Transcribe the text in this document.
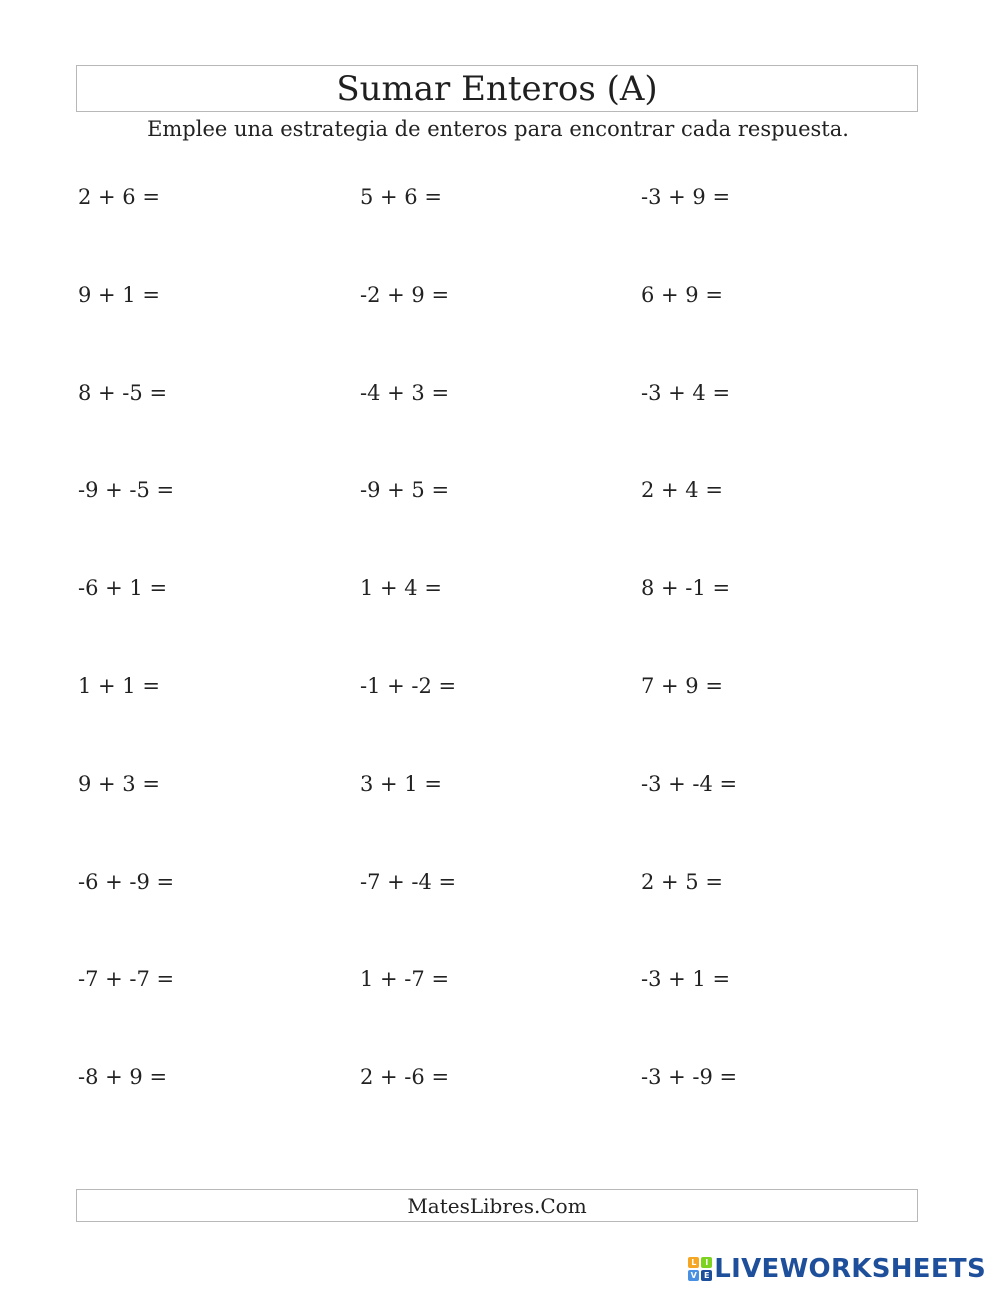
Sumar Enteros (A)
Emplee una estrategia de enteros para encontrar cada respuesta.
2 + 6 =	5 + 6 =	-3 + 9 =
9 + 1 =	-2 + 9 =	6 + 9 =
8 + -5 =	-4 + 3 =	-3 + 4 =
-9 + -5 =	-9 + 5 =	2 + 4 =
-6 + 1 =	1 + 4 =	8 + -1 =
1 + 1 =	-1 + -2 =	7 + 9 =
9 + 3 =	3 + 1 =	-3 + -4 =
-6 + -9 =	-7 + -4 =	2 + 5 =
-7 + -7 =	1 + -7 =	-3 + 1 =
-8 + 9 =	2 + -6 =	-3 + -9 =
MatesLibres.Com
L	I
V E LIVEWORKSHEETS
